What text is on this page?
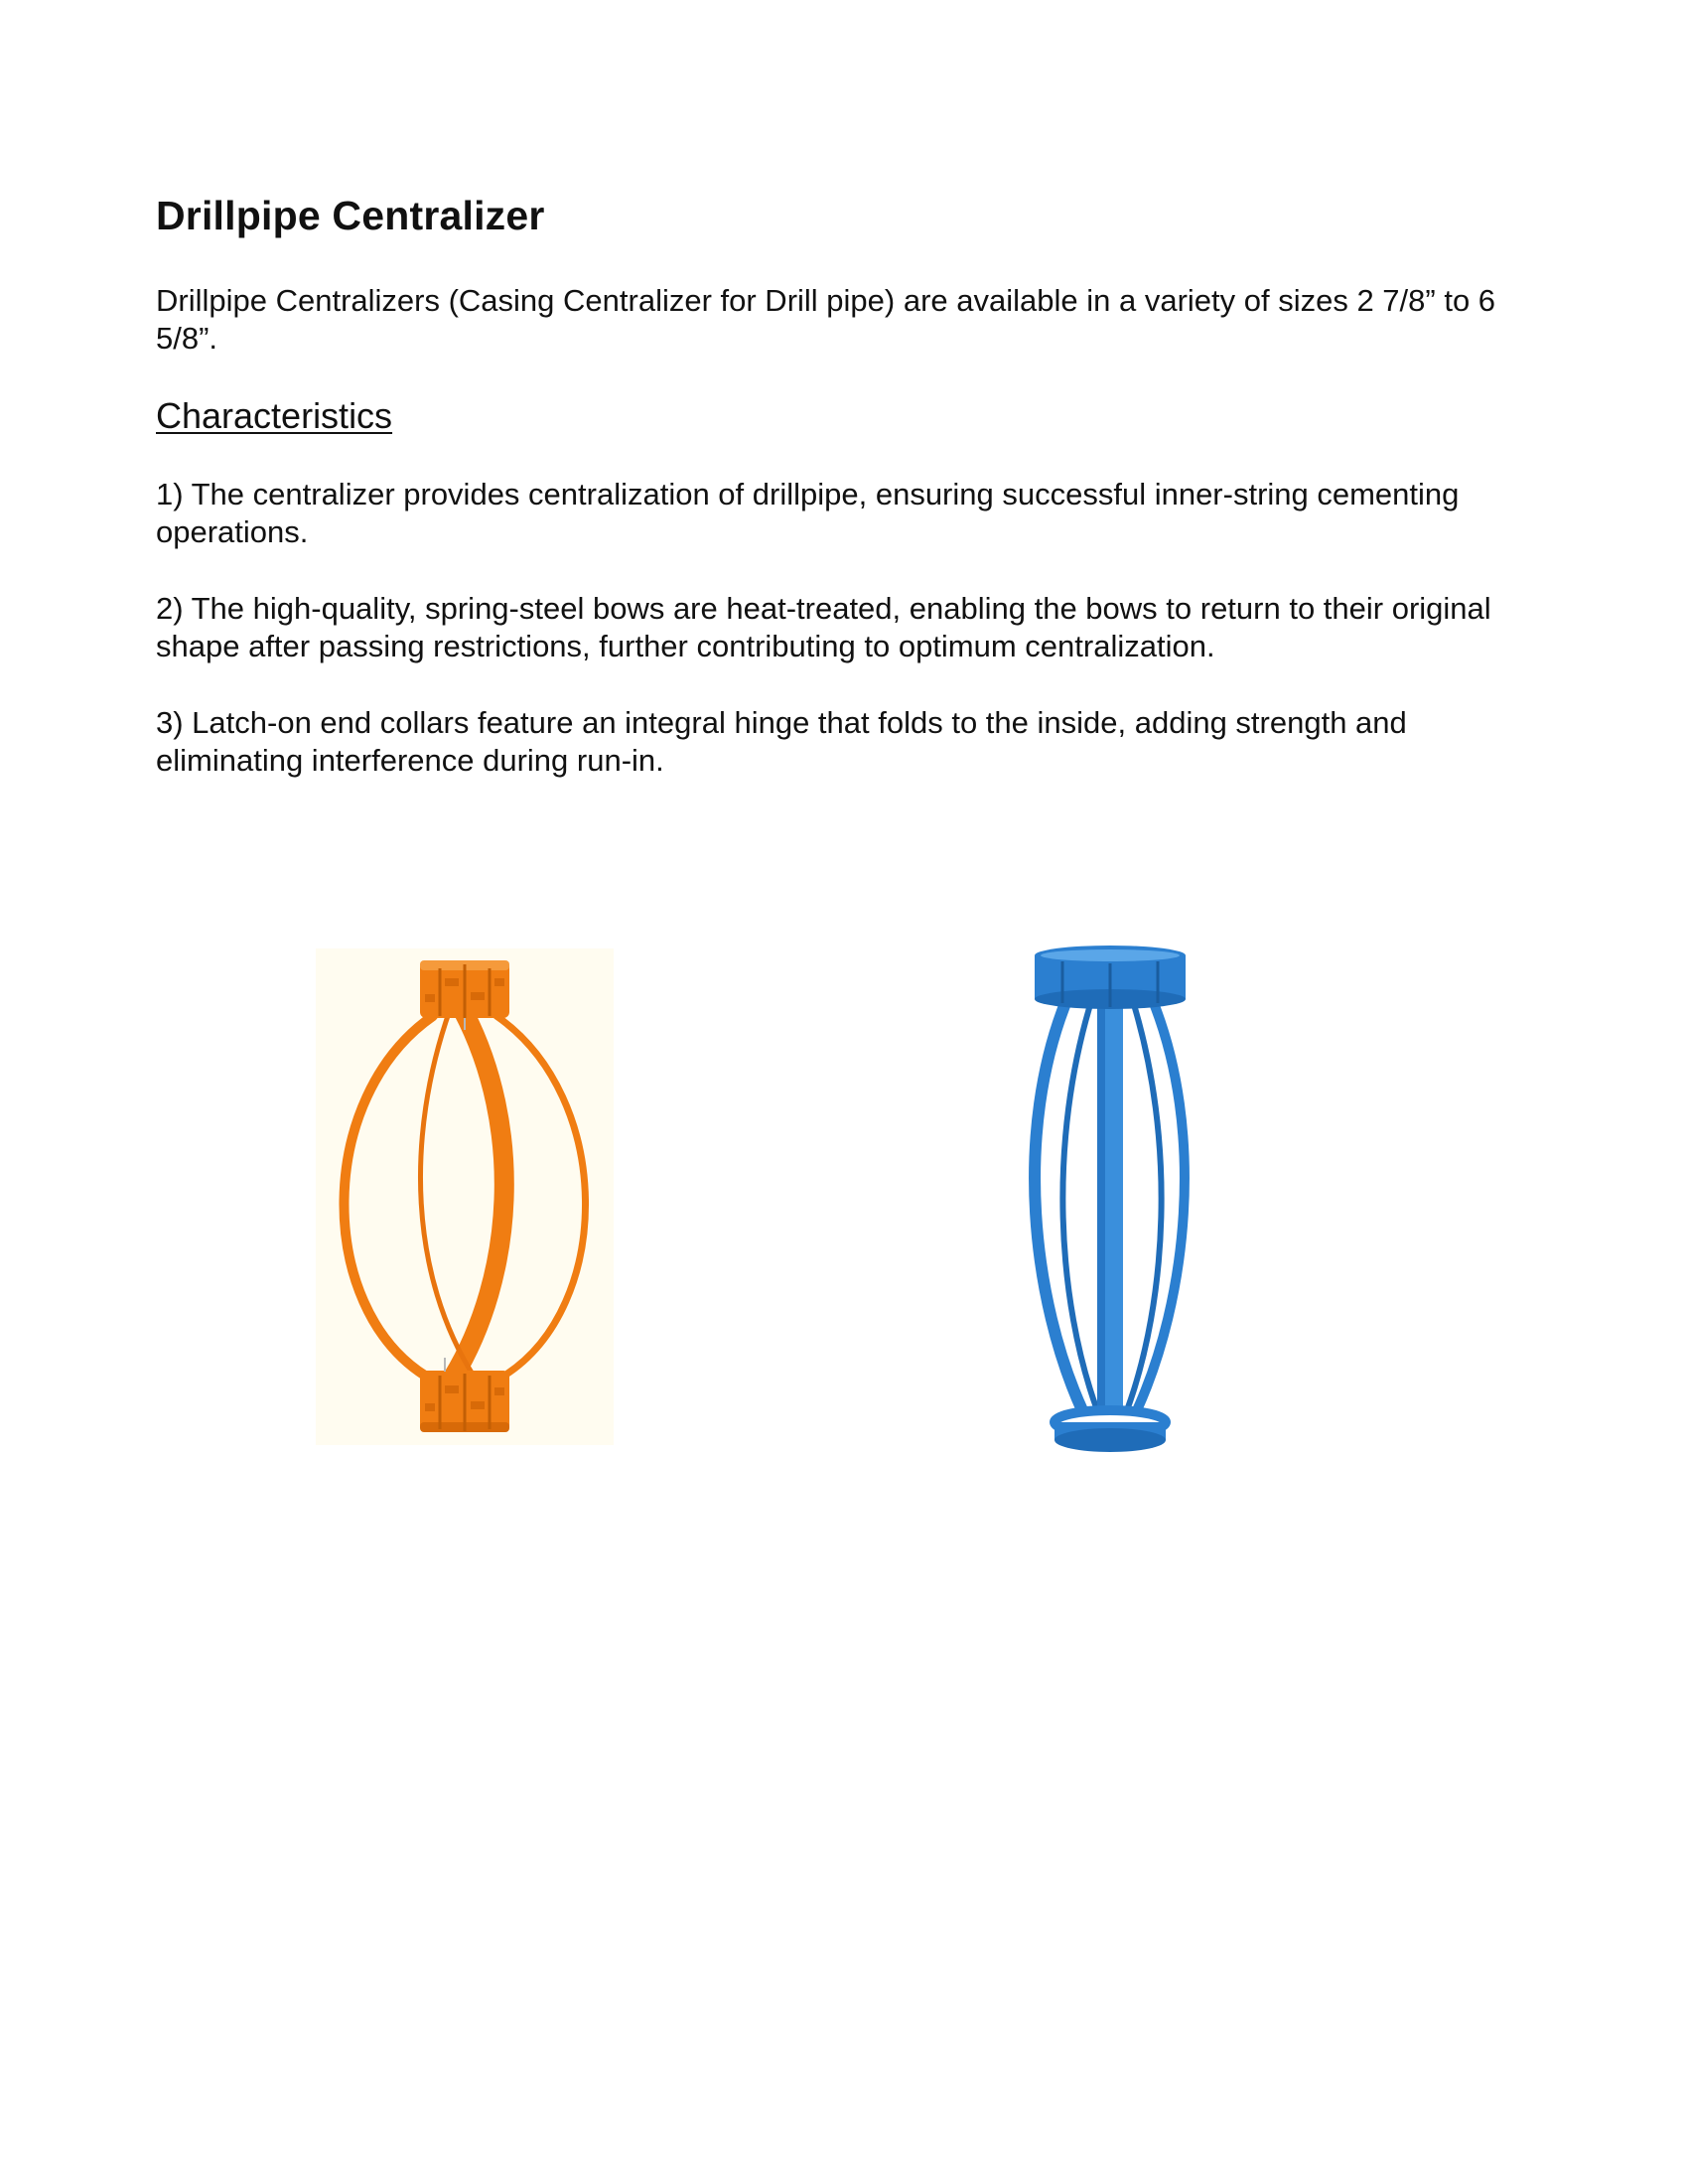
Drillpipe Centralizer

Drillpipe Centralizers (Casing Centralizer for Drill pipe) are available in a variety of sizes 2 7/8” to 6 5/8”.

Characteristics

1) The centralizer provides centralization of drillpipe, ensuring successful inner-string cementing operations.

2) The high-quality, spring-steel bows are heat-treated, enabling the bows to return to their original shape after passing restrictions, further contributing to optimum centralization.

3) Latch-on end collars feature an integral hinge that folds to the inside, adding strength and eliminating interference during run-in.
